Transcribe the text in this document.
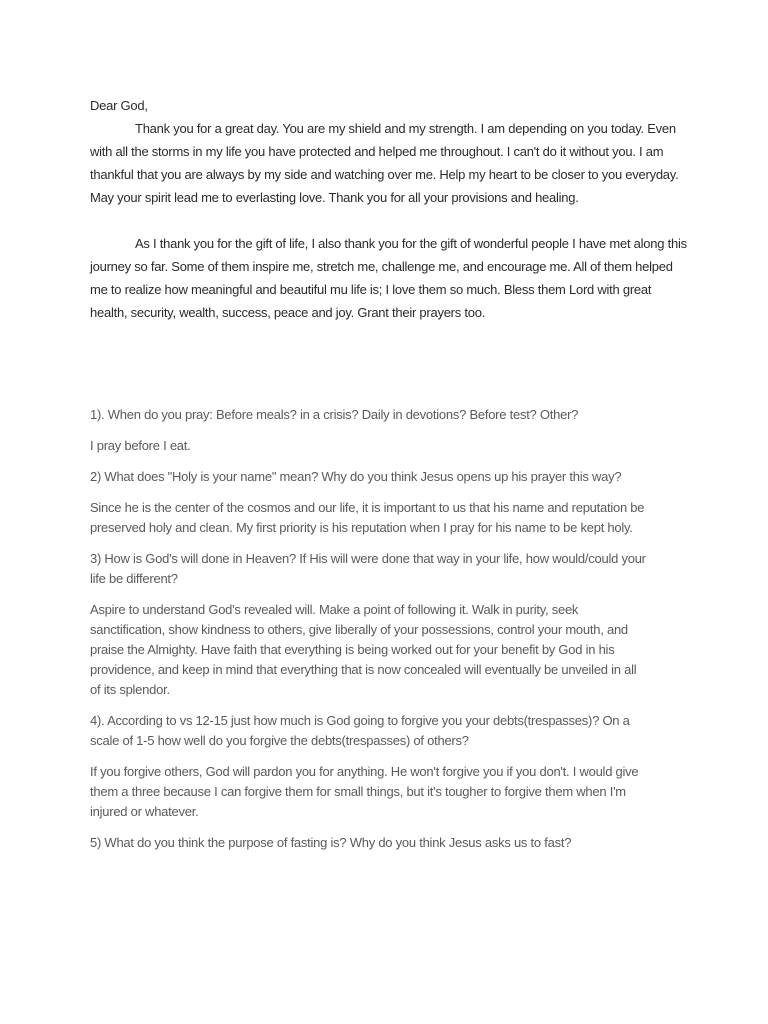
Dear God,

Thank you for a great day. You are my shield and my strength. I am depending on you today. Even with all the storms in my life you have protected and helped me throughout. I can't do it without you. I am thankful that you are always by my side and watching over me. Help my heart to be closer to you everyday. May your spirit lead me to everlasting love. Thank you for all your provisions and healing.

As I thank you for the gift of life, I also thank you for the gift of wonderful people I have met along this journey so far. Some of them inspire me, stretch me, challenge me, and encourage me. All of them helped me to realize how meaningful and beautiful mu life is; I love them so much. Bless them Lord with great health, security, wealth, success, peace and joy. Grant their prayers too.

1). When do you pray: Before meals? in a crisis? Daily in devotions? Before test? Other?

I pray before I eat.

2) What does "Holy is your name" mean? Why do you think Jesus opens up his prayer this way?

Since he is the center of the cosmos and our life, it is important to us that his name and reputation be preserved holy and clean. My first priority is his reputation when I pray for his name to be kept holy.

3) How is God's will done in Heaven? If His will were done that way in your life, how would/could your life be different?

Aspire to understand God's revealed will. Make a point of following it. Walk in purity, seek sanctification, show kindness to others, give liberally of your possessions, control your mouth, and praise the Almighty. Have faith that everything is being worked out for your benefit by God in his providence, and keep in mind that everything that is now concealed will eventually be unveiled in all of its splendor.

4). According to vs 12-15 just how much is God going to forgive you your debts(trespasses)? On a scale of 1-5 how well do you forgive the debts(trespasses) of others?

If you forgive others, God will pardon you for anything. He won't forgive you if you don't. I would give them a three because I can forgive them for small things, but it's tougher to forgive them when I'm injured or whatever.

5) What do you think the purpose of fasting is? Why do you think Jesus asks us to fast?
